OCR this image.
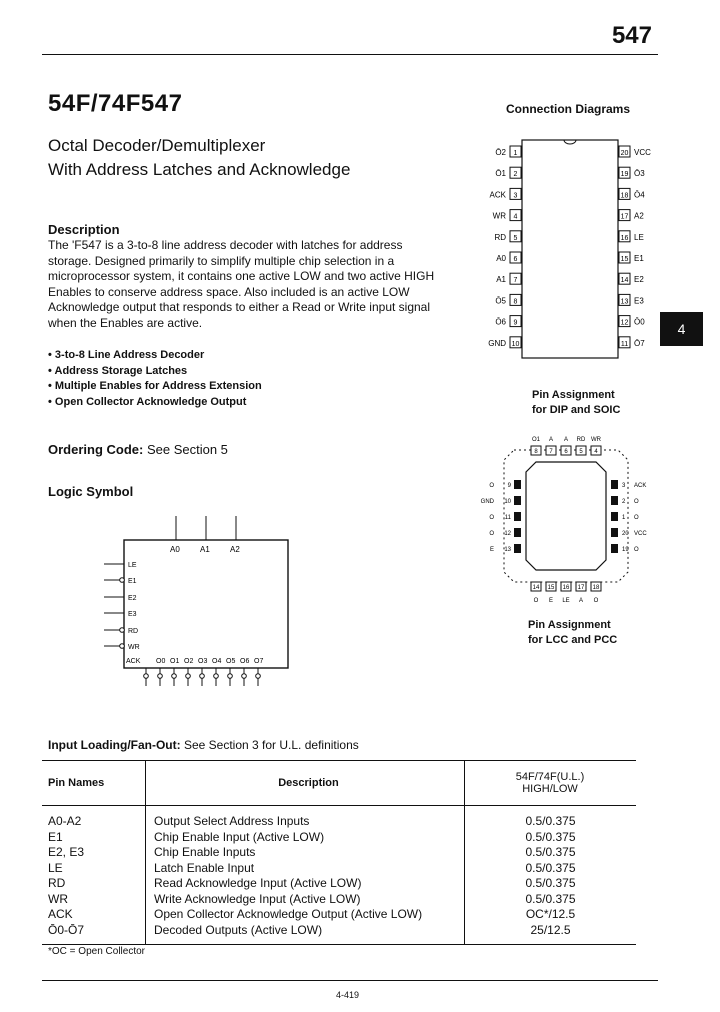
547
54F/74F547
Octal Decoder/Demultiplexer
With Address Latches and Acknowledge
Description
The 'F547 is a 3-to-8 line address decoder with latches for address
storage. Designed primarily to simplify multiple chip selection in a
microprocessor system, it contains one active LOW and two active HIGH
Enables to conserve address space. Also included is an active LOW
Acknowledge output that responds to either a Read or Write input signal
when the Enables are active.
• 3-to-8 Line Address Decoder
• Address Storage Latches
• Multiple Enables for Address Extension
• Open Collector Acknowledge Output
Ordering Code: See Section 5
Logic Symbol
A0	A1	A2
LE
E1
E2
E3
RD
WR
ACK O0 O1 O2 O3 O4 O5 O6 O7
Connection Diagrams
1
Ō2
2
Ō1
3
ACK
4
WR
5
RD
6
A0
7
A1
8
Ō5
9
Ō6
10
GND
20 VCC
19 Ō3
18 Ō4
17 A2
16 LE
15 E1
14 E2
13 E3
12 Ō0
11 Ō7
Pin Assignment
for DIP and SOIC
8
O1
7
A
6
A
5
RD
4
WR
14
O
15
E
16
LE
17
A
18
O
9
O
10
GND
11
O
12
O
13
E
3 ACK
2 O
1 O
20 VCC
19 O
Pin Assignment
for LCC and PCC
4
Input Loading/Fan-Out: See Section 3 for U.L. definitions
Pin Names	Description	54F/74F(U.L.)
HIGH/LOW

A0-A2	Output Select Address Inputs	0.5/0.375
E1	Chip Enable Input (Active LOW)	0.5/0.375
E2, E3	Chip Enable Inputs	0.5/0.375
LE	Latch Enable Input	0.5/0.375
RD	Read Acknowledge Input (Active LOW)	0.5/0.375
WR	Write Acknowledge Input (Active LOW)	0.5/0.375
ACK	Open Collector Acknowledge Output (Active LOW)	OC*/12.5
Ō0-Ō7	Decoded Outputs (Active LOW)	25/12.5
*OC = Open Collector
4-419
